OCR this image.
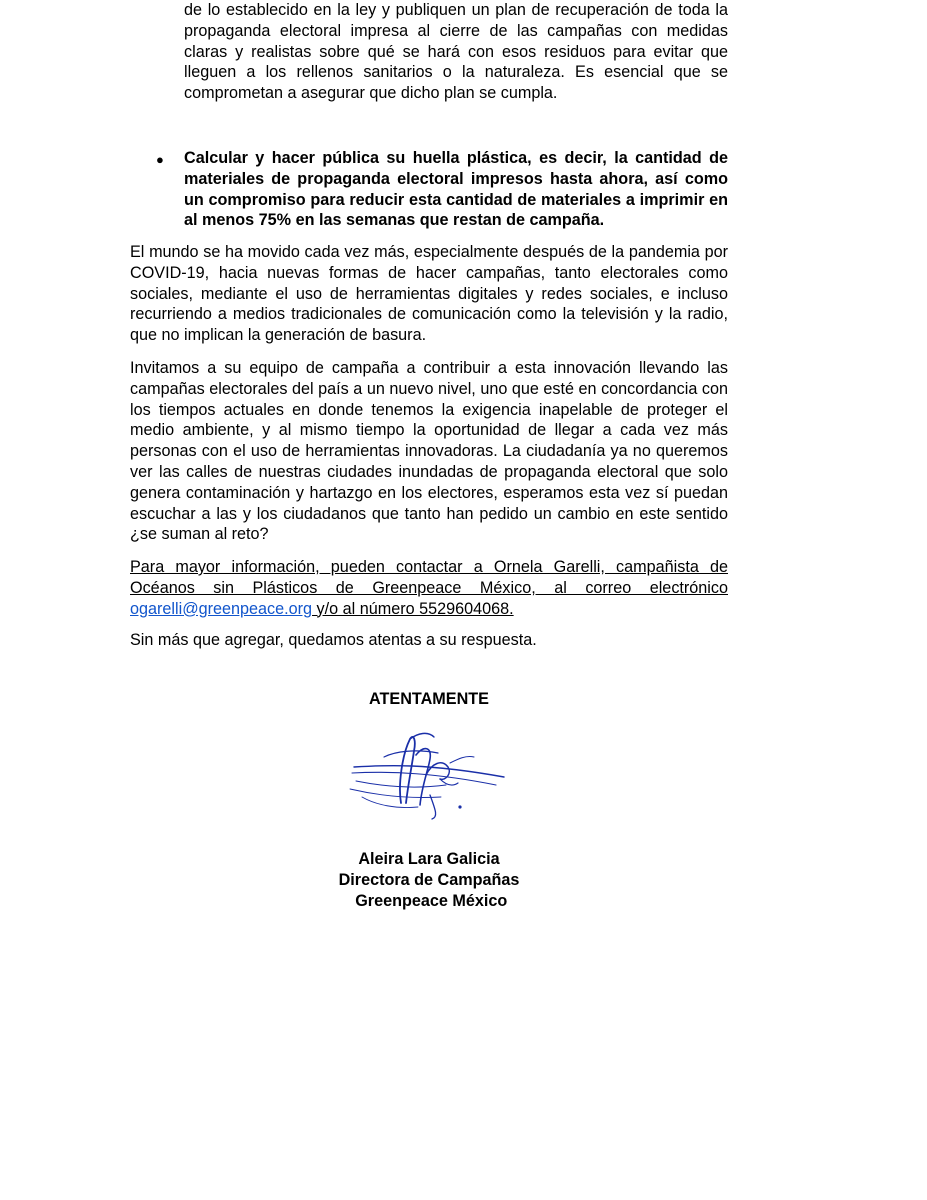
de lo establecido en la ley y publiquen un plan de recuperación de toda la propaganda electoral impresa al cierre de las campañas con medidas claras y realistas sobre qué se hará con esos residuos para evitar que lleguen a los rellenos sanitarios o la naturaleza. Es esencial que se comprometan a asegurar que dicho plan se cumpla.

● Calcular y hacer pública su huella plástica, es decir, la cantidad de materiales de propaganda electoral impresos hasta ahora, así como un compromiso para reducir esta cantidad de materiales a imprimir en al menos 75% en las semanas que restan de campaña.

El mundo se ha movido cada vez más, especialmente después de la pandemia por COVID-19, hacia nuevas formas de hacer campañas, tanto electorales como sociales, mediante el uso de herramientas digitales y redes sociales, e incluso recurriendo a medios tradicionales de comunicación como la televisión y la radio, que no implican la generación de basura.

Invitamos a su equipo de campaña a contribuir a esta innovación llevando las campañas electorales del país a un nuevo nivel, uno que esté en concordancia con los tiempos actuales en donde tenemos la exigencia inapelable de proteger el medio ambiente, y al mismo tiempo la oportunidad de llegar a cada vez más personas con el uso de herramientas innovadoras. La ciudadanía ya no queremos ver las calles de nuestras ciudades inundadas de propaganda electoral que solo genera contaminación y hartazgo en los electores, esperamos esta vez sí puedan escuchar a las y los ciudadanos que tanto han pedido un cambio en este sentido ¿se suman al reto?

Para mayor información, pueden contactar a Ornela Garelli, campañista de Océanos sin Plásticos de Greenpeace México, al correo electrónico ogarelli@greenpeace.org y/o al número 5529604068.

Sin más que agregar, quedamos atentas a su respuesta.

ATENTAMENTE
Aleira Lara Galicia
Directora de Campañas
Greenpeace México
